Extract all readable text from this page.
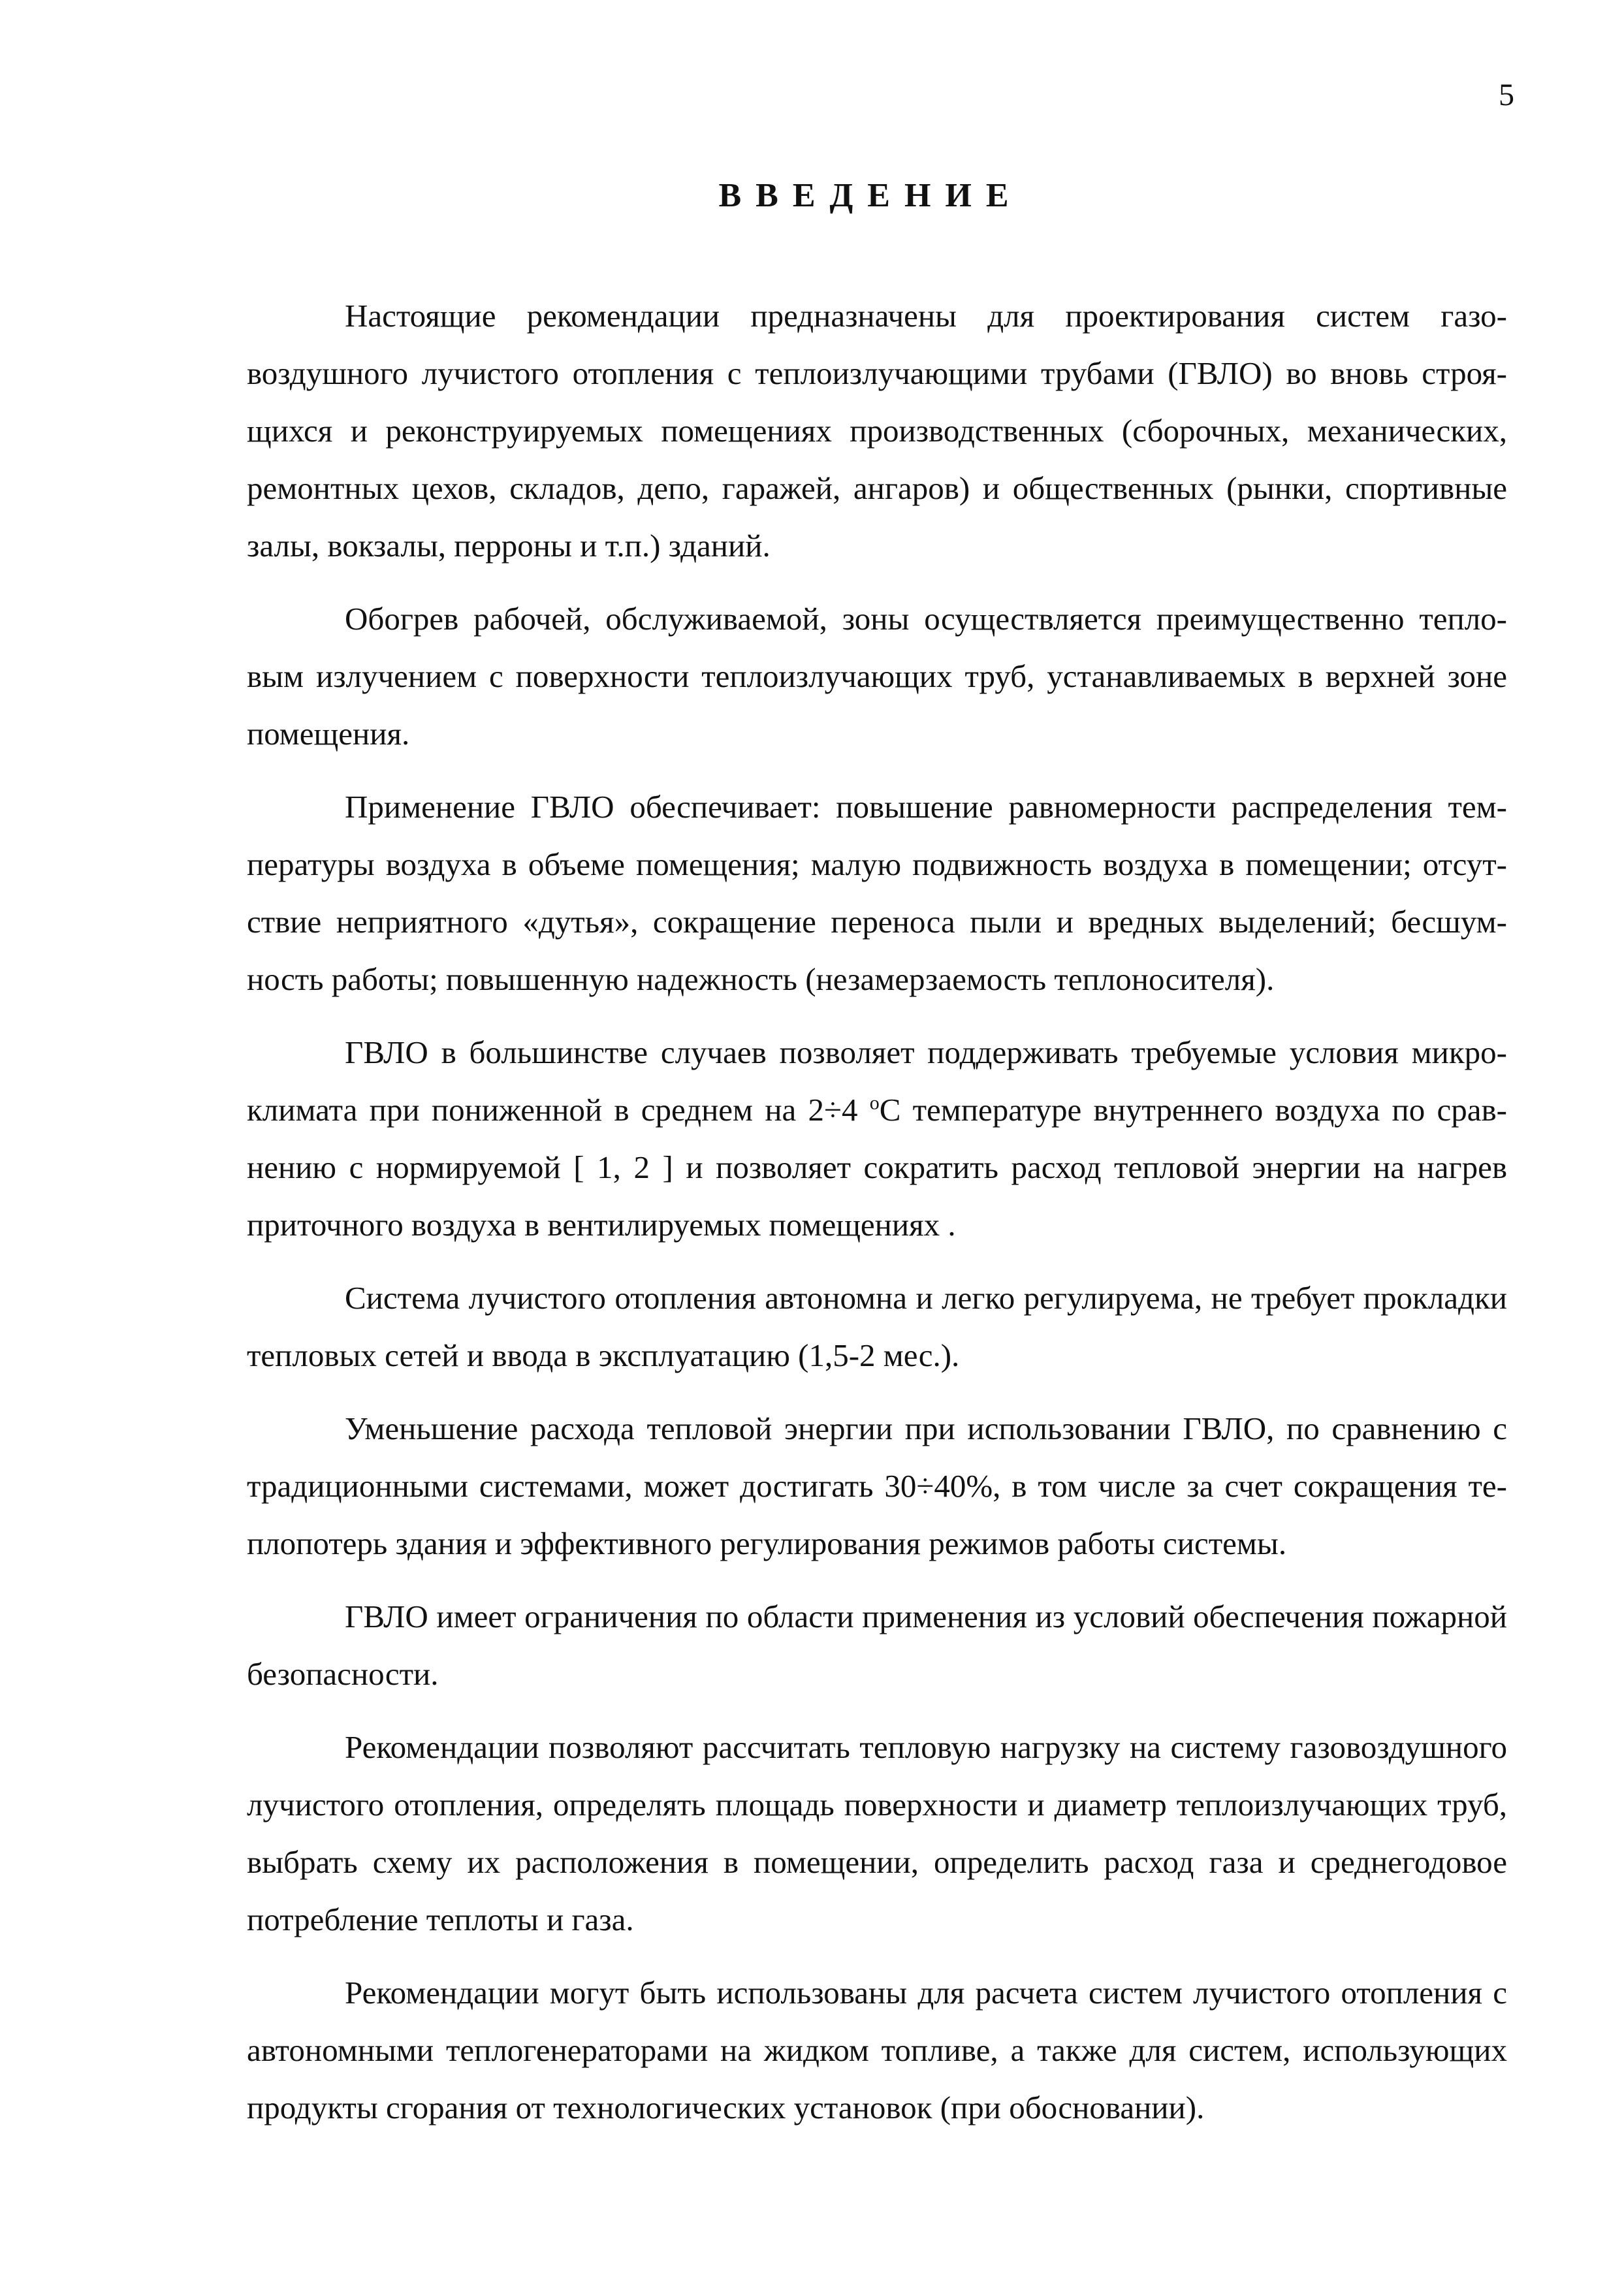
5
ВВЕДЕНИЕ

Настоящие рекомендации предназначены для проектирования систем газовоздушного лучистого отопления с теплоизлучающими трубами (ГВЛО) во вновь строящихся и реконструируемых помещениях производственных (сборочных, механических, ремонтных цехов, складов, депо, гаражей, ангаров) и общественных (рынки, спортивные залы, вокзалы, перроны и т.п.) зданий.

Обогрев рабочей, обслуживаемой, зоны осуществляется преимущественно тепловым излучением с поверхности теплоизлучающих труб, устанавливаемых в верхней зоне помещения.

Применение ГВЛО обеспечивает: повышение равномерности распределения температуры воздуха в объеме помещения; малую подвижность воздуха в помещении; отсутствие неприятного «дутья», сокращение переноса пыли и вредных выделений; бесшумность работы; повышенную надежность (незамерзаемость теплоносителя).

ГВЛО в большинстве случаев позволяет поддерживать требуемые условия микроклимата при пониженной в среднем на 2÷4 $^o$C температуре внутреннего воздуха по сравнению с нормируемой [ 1, 2 ] и позволяет сократить расход тепловой энергии на нагрев приточного воздуха в вентилируемых помещениях .

Система лучистого отопления автономна и легко регулируема, не требует прокладки тепловых сетей и ввода в эксплуатацию (1,5-2 мес.).

Уменьшение расхода тепловой энергии при использовании ГВЛО, по сравнению с традиционными системами, может достигать 30÷40%, в том числе за счет сокращения теплопотерь здания и эффективного регулирования режимов работы системы.

ГВЛО имеет ограничения по области применения из условий обеспечения пожарной безопасности.

Рекомендации позволяют рассчитать тепловую нагрузку на систему газовоздушного лучистого отопления, определять площадь поверхности и диаметр теплоизлучающих труб, выбрать схему их расположения в помещении, определить расход газа и среднегодовое потребление теплоты и газа.

Рекомендации могут быть использованы для расчета систем лучистого отопления с автономными теплогенераторами на жидком топливе, а также для систем, использующих продукты сгорания от технологических установок (при обосновании).
